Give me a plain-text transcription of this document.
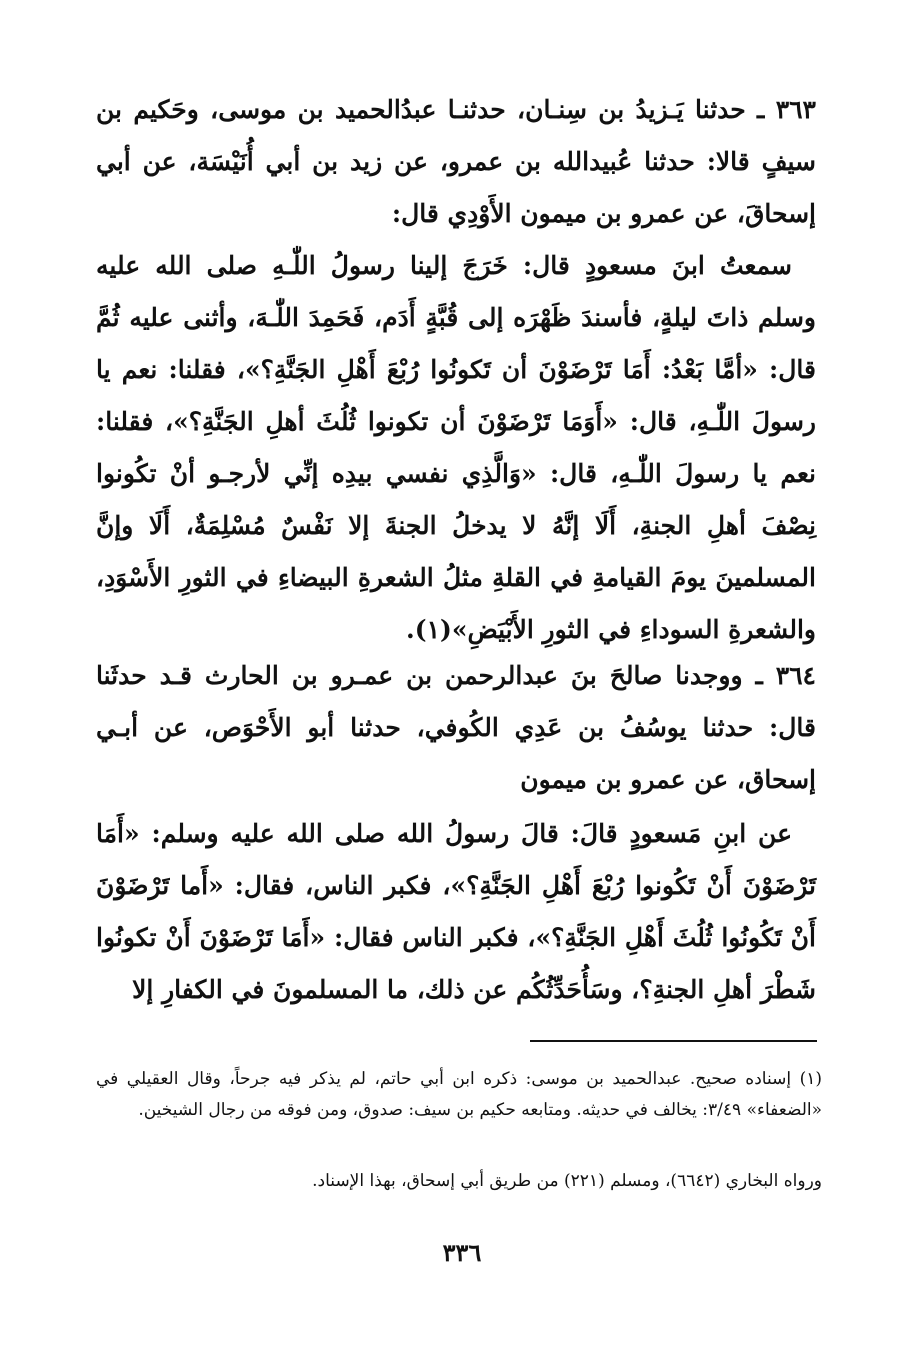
٣٦٣ ـ حدثنا يَـزيدُ بن سِنـان، حدثنـا عبدُالحميد بن موسى، وحَكيم بن سيفٍ قالا: حدثنا عُبيدالله بن عمرو، عن زيد بن أبي أُنَيْسَة، عن أبي إسحاقَ، عن عمرو بن ميمون الأَوْدِي قال:

سمعتُ ابنَ مسعودٍ قال: خَرَجَ إلينا رسولُ اللّٰـهِ صلى الله عليه وسلم ذاتَ ليلةٍ، فأسندَ ظَهْرَه إلى قُبَّةٍ أَدَم، فَحَمِدَ اللّٰـهَ، وأثنى عليه ثُمَّ قال: «أمَّا بَعْدُ: أَمَا تَرْضَوْنَ أن تَكونُوا رُبْعَ أَهْلِ الجَنَّةِ؟»، فقلنا: نعم يا رسولَ اللّٰـهِ، قال: «أَوَمَا تَرْضَوْنَ أن تكونوا ثُلُثَ أهلِ الجَنَّةِ؟»، فقلنا: نعم يا رسولَ اللّٰـهِ، قال: «وَالَّذِي نفسي بيدِه إنِّي لأرجـو أنْ تكُونوا نِصْفَ أهلِ الجنةِ، أَلَا إنَّهُ لا يدخلُ الجنةَ إلا نَفْسٌ مُسْلِمَةٌ، أَلَا وإنَّ المسلمينَ يومَ القيامةِ في القلةِ مثلُ الشعرةِ البيضاءِ في الثورِ الأَسْوَدِ، والشعرةِ السوداءِ في الثورِ الأَبْيَضِ»(١).

٣٦٤ ـ ووجدنا صالحَ بنَ عبدالرحمن بن عمـرو بن الحارث قـد حدثَنا قال: حدثنا يوسُفُ بن عَدِي الكُوفي، حدثنا أبو الأَحْوَص، عن أبـي إسحاق، عن عمرو بن ميمون

عن ابنِ مَسعودٍ قالَ: قالَ رسولُ الله صلى الله عليه وسلم: «أَمَا تَرْضَوْنَ أَنْ تَكُونوا رُبْعَ أَهْلِ الجَنَّةِ؟»، فكبر الناس، فقال: «أَما تَرْضَوْنَ أَنْ تَكُونُوا ثُلُثَ أَهْلِ الجَنَّةِ؟»، فكبر الناس فقال: «أَمَا تَرْضَوْنَ أَنْ تكونُوا شَطْرَ أهلِ الجنةِ؟، وسَأُحَدِّثُكُم عن ذلك، ما المسلمونَ في الكفارِ إلا

(١) إسناده صحيح. عبدالحميد بن موسى: ذكره ابن أبي حاتم، لم يذكر فيه جرحاً، وقال العقيلي في «الضعفاء» ٣/٤٩: يخالف في حديثه. ومتابعه حكيم بن سيف: صدوق، ومن فوقه من رجال الشيخين.

ورواه البخاري (٦٦٤٢)، ومسلم (٢٢١) من طريق أبي إسحاق، بهذا الإسناد.

٣٣٦
